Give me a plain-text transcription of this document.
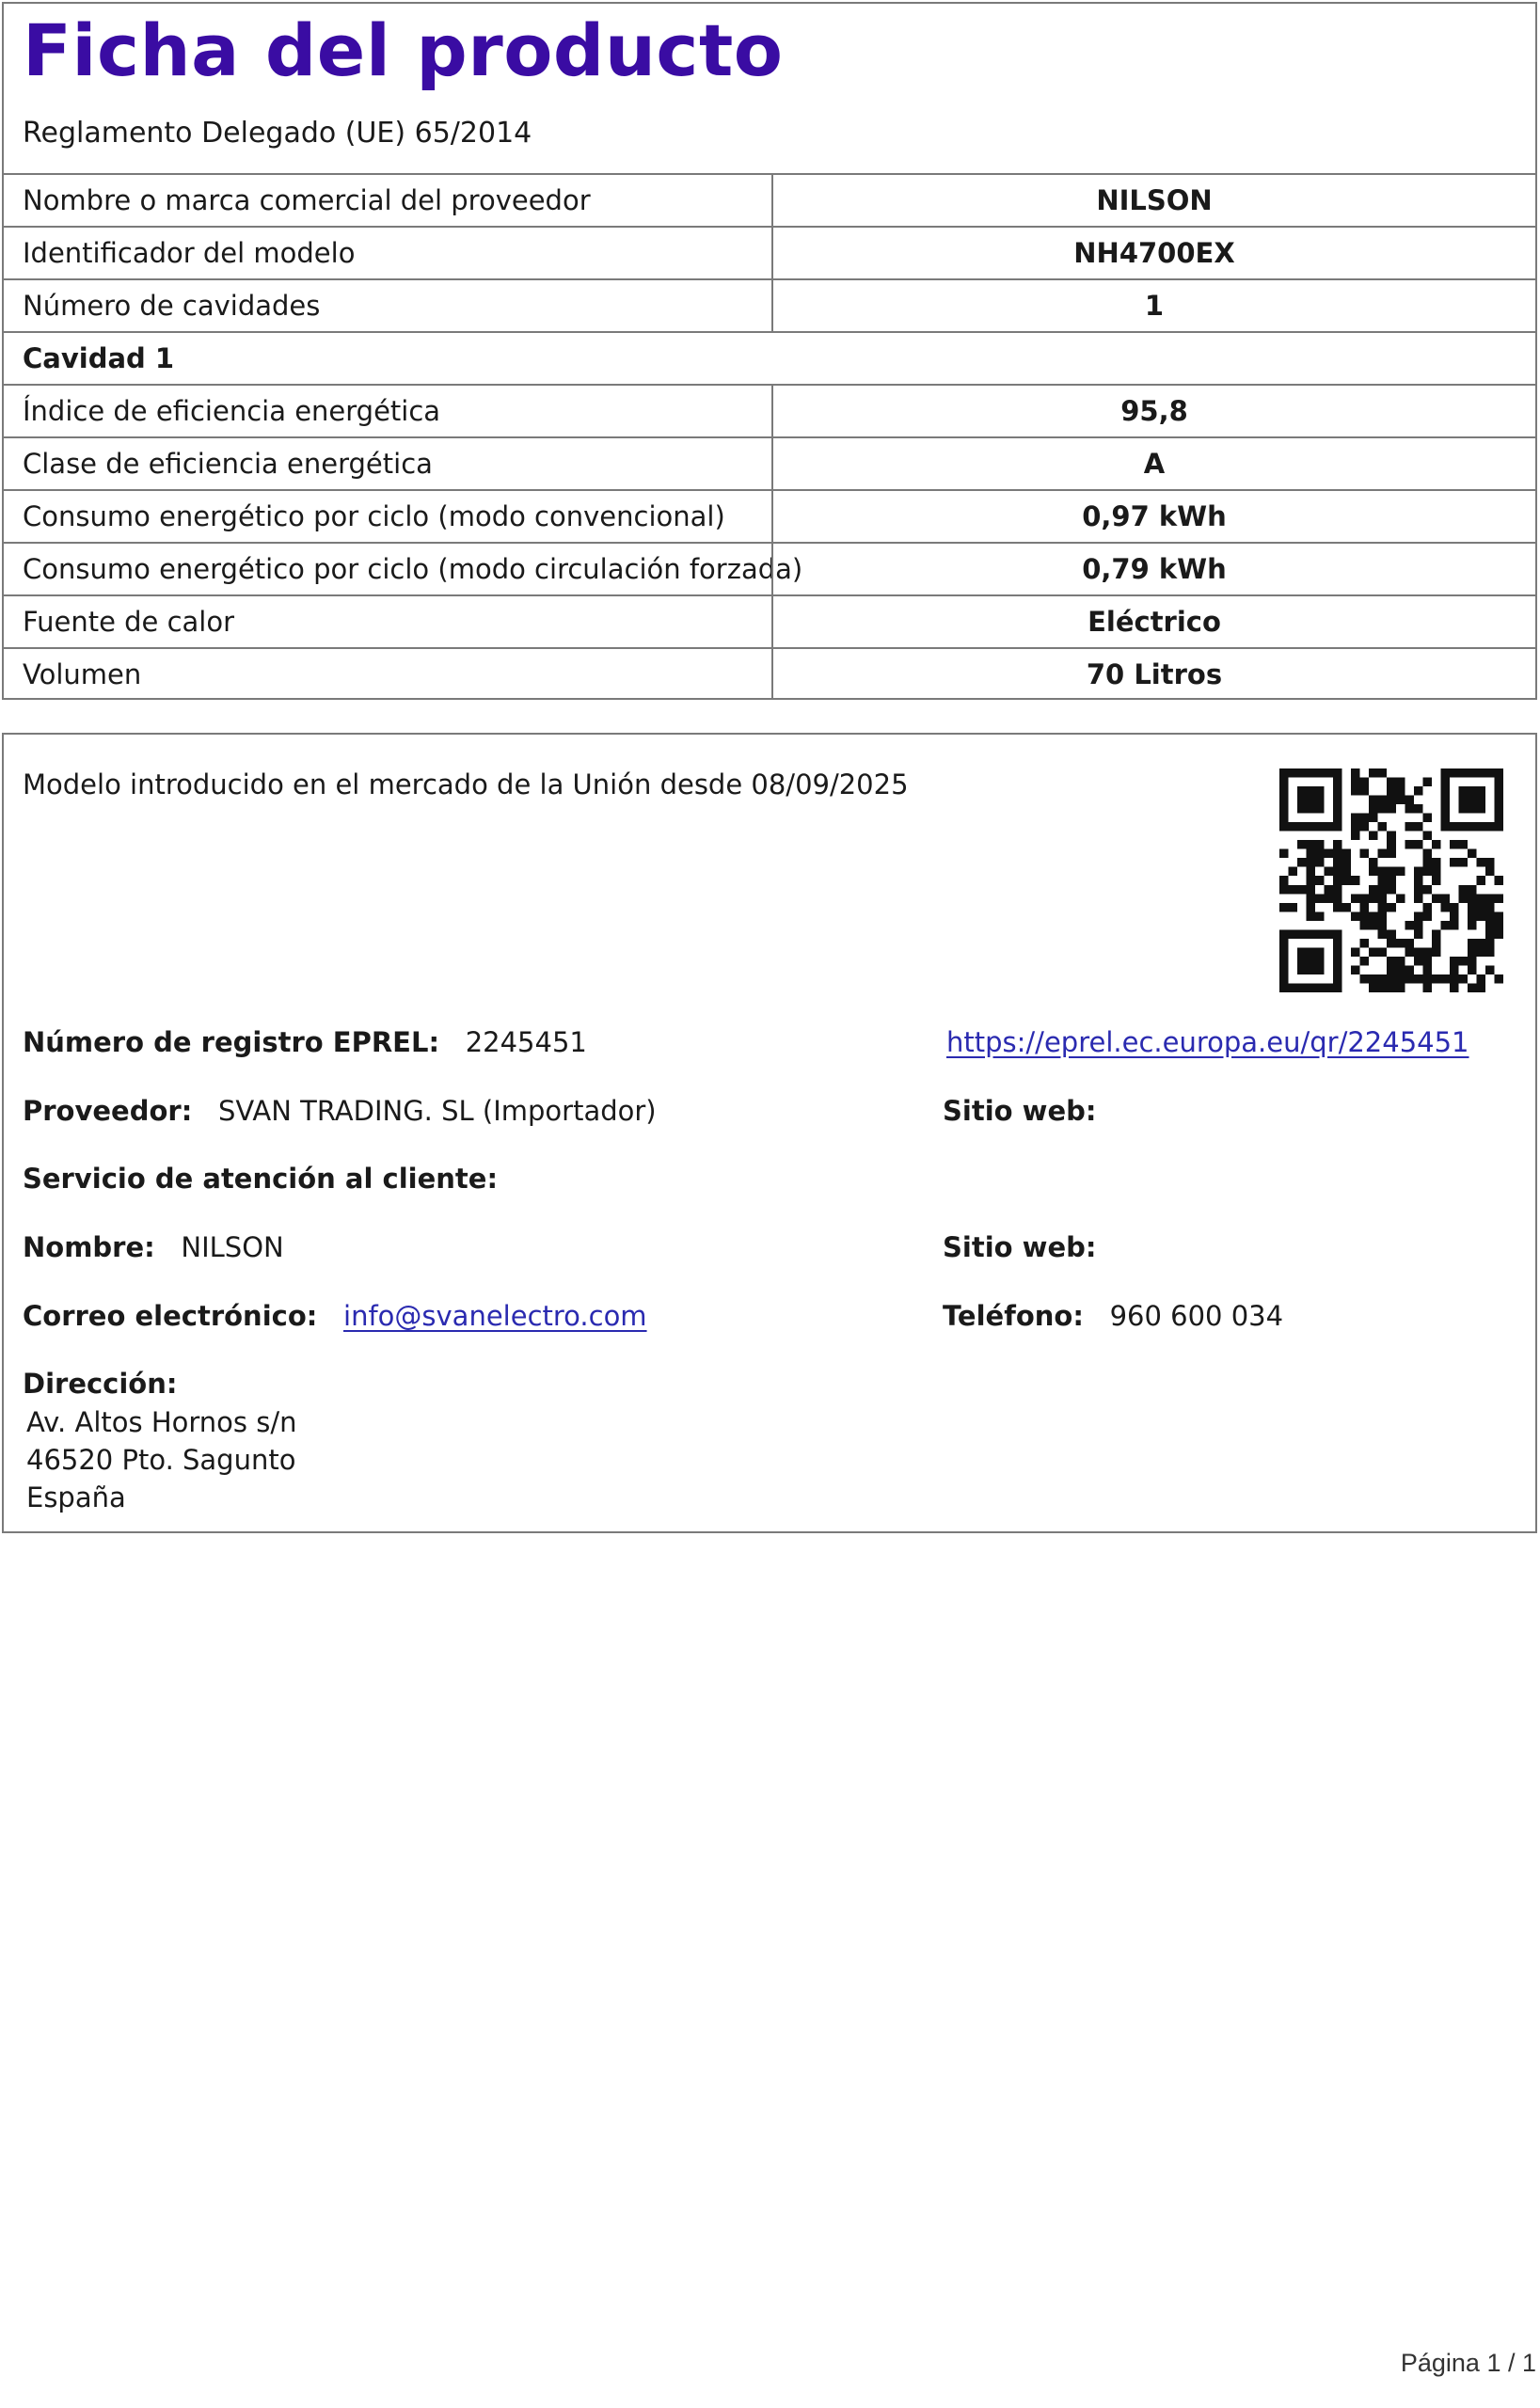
Ficha del producto
Reglamento Delegado (UE) 65/2014
Nombre o marca comercial del proveedor	NILSON
Identificador del modelo	NH4700EX
Número de cavidades	1
Cavidad 1
Índice de eficiencia energética	95,8
Clase de eficiencia energética	A
Consumo energético por ciclo (modo convencional)	0,97 kWh
Consumo energético por ciclo (modo circulación forzada)	0,79 kWh
Fuente de calor	Eléctrico
Volumen	70 Litros
Modelo introducido en el mercado de la Unión desde 08/09/2025
Número de registro EPREL: 2245451	https://eprel.ec.europa.eu/qr/2245451
Proveedor: SVAN TRADING. SL (Importador)	Sitio web:
Servicio de atención al cliente:
Nombre: NILSON	Sitio web:
Correo electrónico: info@svanelectro.com	Teléfono: 960 600 034
Dirección:
Av. Altos Hornos s/n
46520 Pto. Sagunto
España
Página 1 / 1
